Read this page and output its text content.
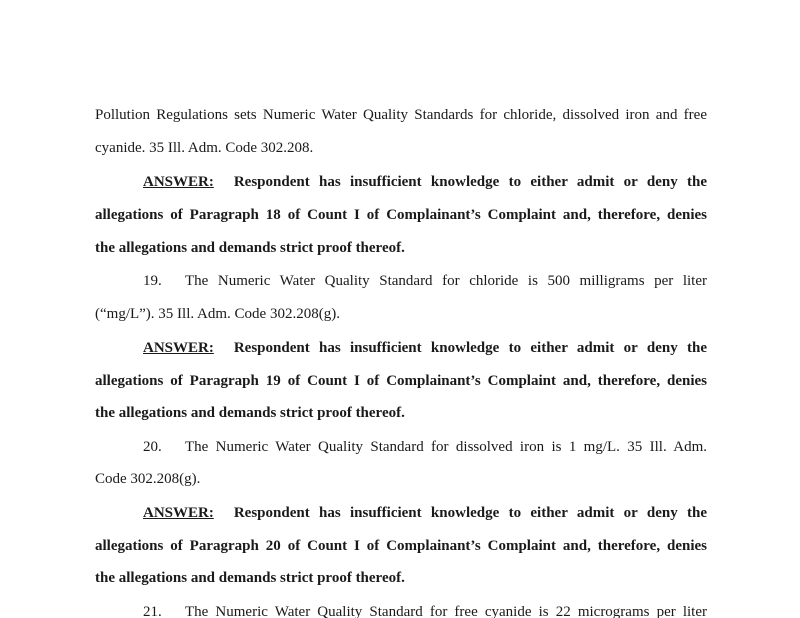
Pollution Regulations sets Numeric Water Quality Standards for chloride, dissolved iron and free
cyanide. 35 Ill. Adm. Code 302.208.
ANSWER: Respondent has insufficient knowledge to either admit or deny the
allegations of Paragraph 18 of Count I of Complainant’s Complaint and, therefore, denies
the allegations and demands strict proof thereof.
19. The Numeric Water Quality Standard for chloride is 500 milligrams per liter
(“mg/L”). 35 Ill. Adm. Code 302.208(g).
ANSWER: Respondent has insufficient knowledge to either admit or deny the
allegations of Paragraph 19 of Count I of Complainant’s Complaint and, therefore, denies
the allegations and demands strict proof thereof.
20. The Numeric Water Quality Standard for dissolved iron is 1 mg/L. 35 Ill. Adm.
Code 302.208(g).
ANSWER: Respondent has insufficient knowledge to either admit or deny the
allegations of Paragraph 20 of Count I of Complainant’s Complaint and, therefore, denies
the allegations and demands strict proof thereof.
21. The Numeric Water Quality Standard for free cyanide is 22 micrograms per liter
